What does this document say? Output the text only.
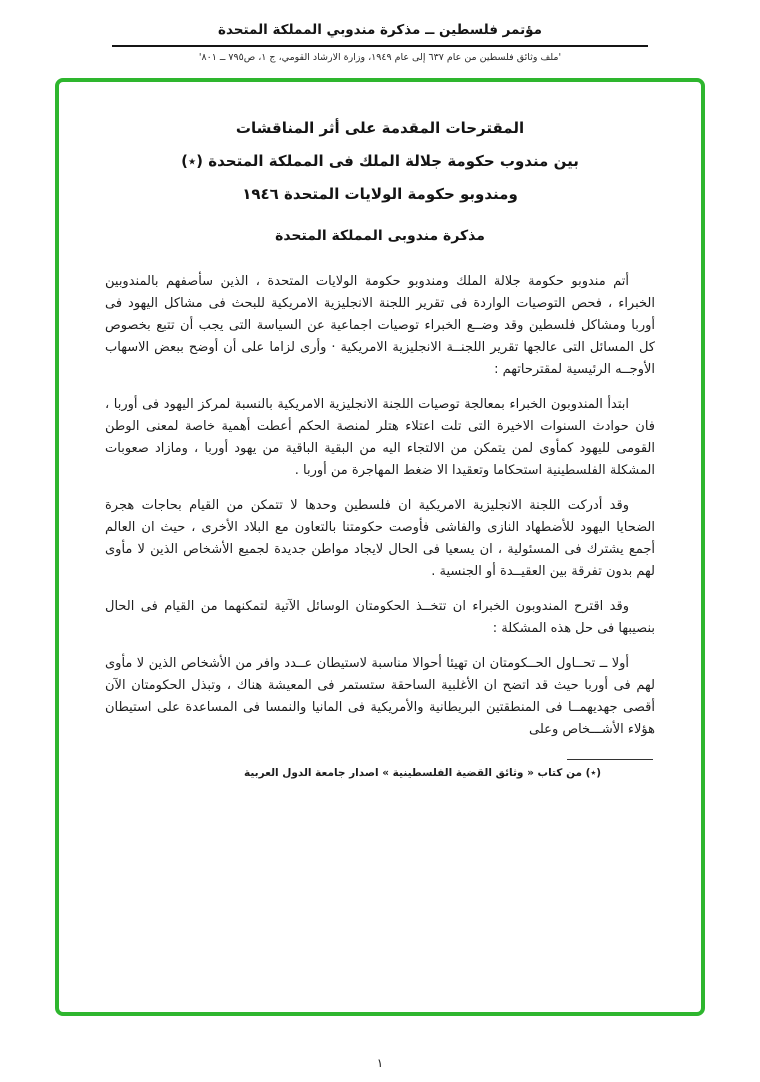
مؤتمر فلسطين ــ مذكرة مندوبي المملكة المتحدة
'ملف وثائق فلسطين من عام ٦٣٧ إلى عام ١٩٤٩، وزارة الارشاد القومي، ج ١، ص٧٩٥ ــ ٨٠١'
المقترحات المقدمة على أثر المناقشات
بين مندوب حكومة جلالة الملك فى المملكة المتحدة (٭)
ومندوبو حكومة الولايات المتحدة ١٩٤٦
مذكرة مندوبى المملكة المتحدة

أتم مندوبو حكومة جلالة الملك ومندوبو حكومة الولايات المتحدة ، الذين سأصفهم بالمندوبين الخبراء ، فحص التوصيات الواردة فى تقرير اللجنة الانجليزية الامريكية للبحث فى مشاكل اليهود فى أوربا ومشاكل فلسطين وقد وضــع الخبراء توصيات اجماعية عن السياسة التى يجب أن تتبع بخصوص كل المسائل التى عالجها تقرير اللجنــة الانجليزية الامريكية · وأرى لزاما على أن أوضح ببعض الاسهاب الأوجــه الرئيسية لمقترحاتهم :

ابتدأ المندوبون الخبراء بمعالجة توصيات اللجنة الانجليزية الامريكية بالنسبة لمركز اليهود فى أوربا ، فان حوادث السنوات الاخيرة التى تلت اعتلاء هتلر لمنصة الحكم أعطت أهمية خاصة لمعنى الوطن القومى لليهود كمأوى لمن يتمكن من الالتجاء اليه من البقية الباقية من يهود أوربا ، ومازاد صعوبات المشكلة الفلسطينية استحكاما وتعقيدا الا ضغط المهاجرة من أوربا .

وقد أدركت اللجنة الانجليزية الامريكية ان فلسطين وحدها لا تتمكن من القيام بحاجات هجرة الضحايا اليهود للأضطهاد النازى والفاشى فأوصت حكومتنا بالتعاون مع البلاد الأخرى ، حيث ان العالم أجمع يشترك فى المسئولية ، ان يسعيا فى الحال لايجاد مواطن جديدة لجميع الأشخاص الذين لا مأوى لهم بدون تفرقة بين العقيــدة أو الجنسية .

وقد اقترح المندوبون الخبراء ان تتخــذ الحكومتان الوسائل الآتية لتمكنهما من القيام فى الحال بنصيبها فى حل هذه المشكلة :

أولا ــ تحــاول الحــكومتان ان تهيئا أحوالا مناسبة لاستيطان عــدد وافر من الأشخاص الذين لا مأوى لهم فى أوربا حيث قد اتضح ان الأغلبية الساحقة ستستمر فى المعيشة هناك ، وتبذل الحكومتان الآن أقصى جهديهمــا فى المنطقتين البريطانية والأمريكية فى المانيا والنمسا فى المساعدة على استيطان هؤلاء الأشـــخاص وعلى

(٭) من كتاب « وثائق القضية الفلسطينية » اصدار جامعة الدول العربية
١
